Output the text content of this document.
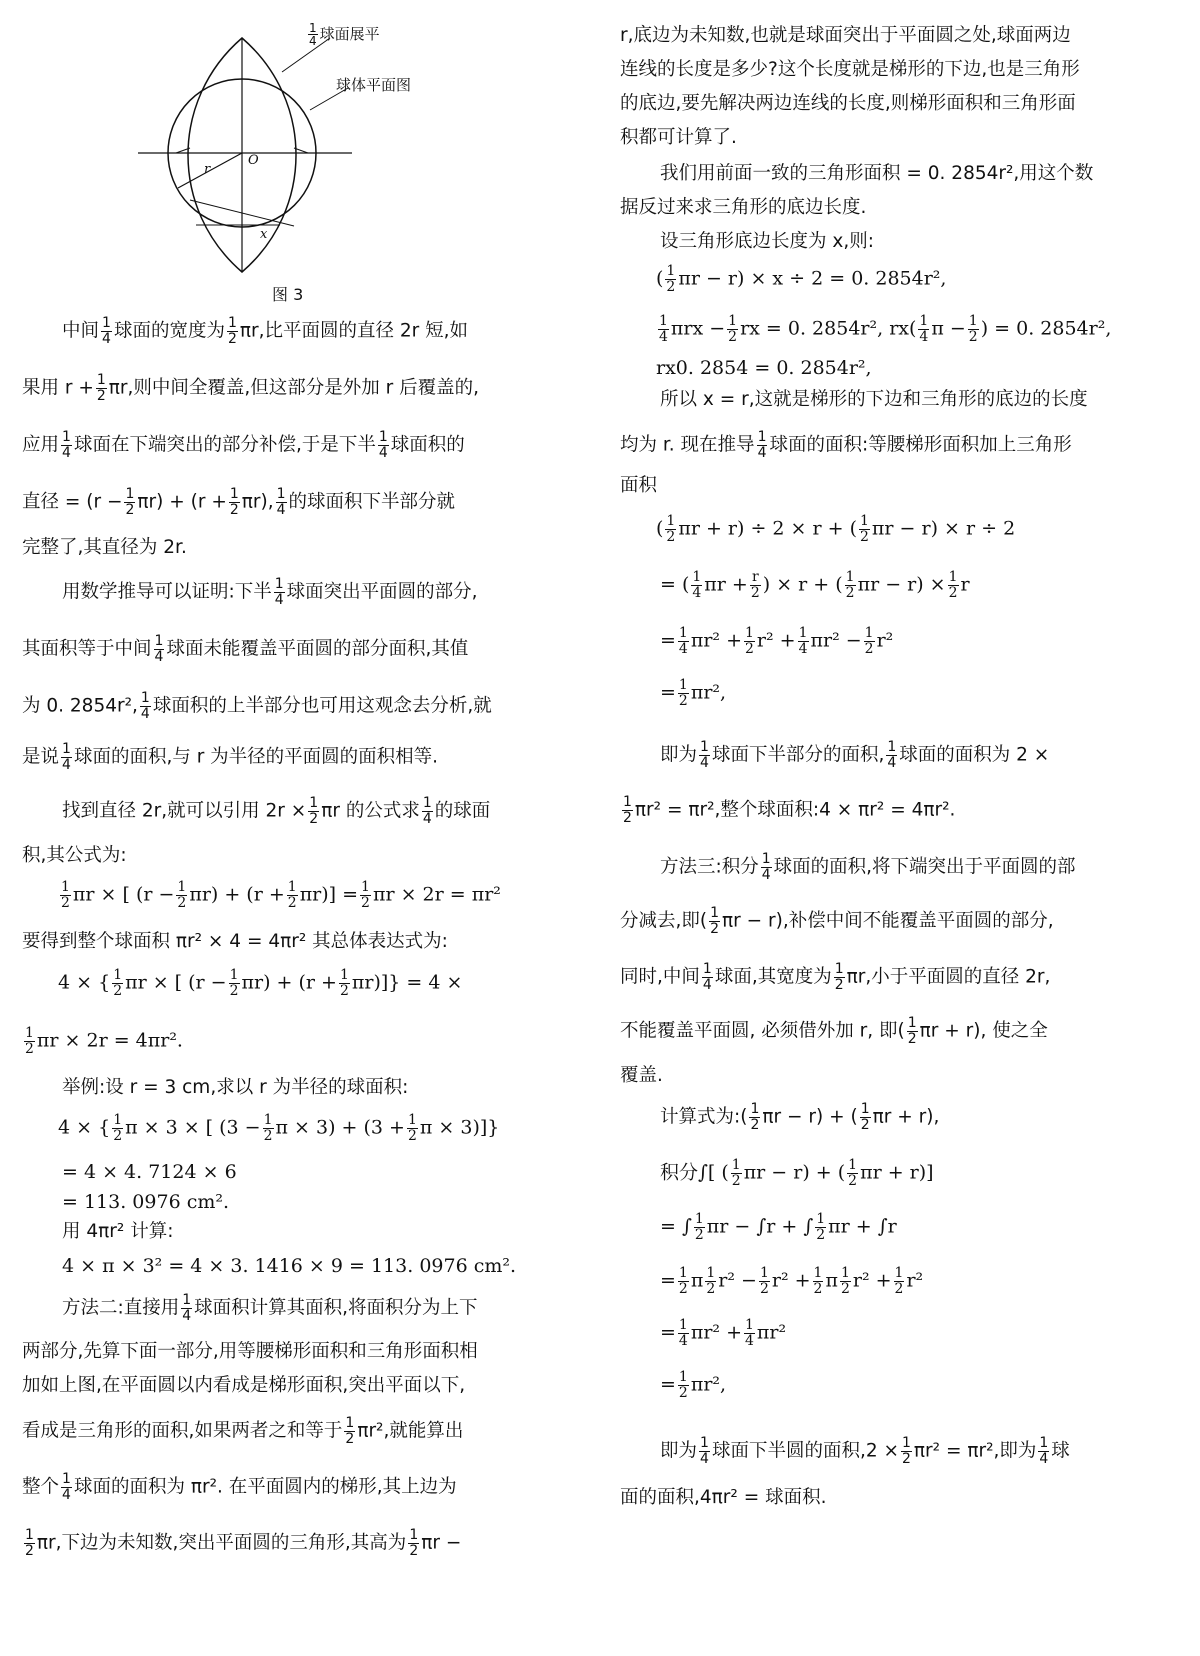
$\frac{1}{4}$ 球面展平
球体平面图
O
r
x
图 3
中间 $\frac{1}{4}$ 球面的宽度为 $\frac{1}{2} \pi r$,比平面圆的直径 2r 短,如
果用 $r + \frac{1}{2} \pi r$,则中间全覆盖,但这部分是外加 r 后覆盖的,
应用 $\frac{1}{4}$ 球面在下端突出的部分补偿,于是下半 $\frac{1}{4}$ 球面积的
直径 = $(r - \frac{1}{2} \pi r) + (r + \frac{1}{2} \pi r)$, $\frac{1}{4}$ 的球面积下半部分就
完整了,其直径为 2r.
用数学推导可以证明:下半 $\frac{1}{4}$ 球面突出平面圆的部分,
其面积等于中间 $\frac{1}{4}$ 球面未能覆盖平面圆的部分面积,其值
为 0. 2854r², $\frac{1}{4}$ 球面积的上半部分也可用这观念去分析,就
是说 $\frac{1}{4}$ 球面的面积,与 r 为半径的平面圆的面积相等.
找到直径 2r,就可以引用 $2r \times \frac{1}{2}$ πr 的公式求 $\frac{1}{4}$ 的球面
积,其公式为:
$\frac{1}{2}$ πr × [ $(r - \frac{1}{2} \pi r) + (r + \frac{1}{2} \pi r)] = \frac{1}{2}$ πr × 2r = πr²
要得到整个球面积 πr² × 4 = 4πr² 其总体表达式为:
4 × { $\frac{1}{2}$ πr × [ $(r - \frac{1}{2} \pi r) + (r + \frac{1}{2} \pi r)]\} = 4$ ×
$\frac{1}{2}$ πr × 2r = 4πr².
举例:设 r = 3 cm,求以 r 为半径的球面积:
4 × { $\frac{1}{2}$ π × 3 × [ ($3 - \frac{1}{2}$ $\pi \times 3) + (3 + \frac{1}{2}$ π × 3)]}
= 4 × 4. 7124 × 6
= 113. 0976 cm².
用 4πr² 计算:
4 × π × 3² = 4 × 3. 1416 × 9 = 113. 0976 cm².
方法二:直接用 $\frac{1}{4}$ 球面积计算其面积,将面积分为上下
两部分,先算下面一部分,用等腰梯形面积和三角形面积相
加如上图,在平面圆以内看成是梯形面积,突出平面以下,
看成是三角形的面积,如果两者之和等于 $\frac{1}{2} \pi r^2$,就能算出
整个 $\frac{1}{4}$ 球面的面积为 πr². 在平面圆内的梯形,其上边为
$\frac{1}{2} \pi r$,下边为未知数,突出平面圆的三角形,其高为 $\frac{1}{2}$ πr −
r,底边为未知数,也就是球面突出于平面圆之处,球面两边
连线的长度是多少?这个长度就是梯形的下边,也是三角形
的底边,要先解决两边连线的长度,则梯形面积和三角形面
积都可计算了.
我们用前面一致的三角形面积 = 0. 2854r²,用这个数
据反过来求三角形的底边长度.
设三角形底边长度为 x,则:
( $\frac{1}{2}$ πr − r) × x ÷ 2 = 0. 2854r²,
$\frac{1}{4}$ $\pi rx - \frac{1}{2}$ rx = 0. 2854r², $rx( \frac{1}{4}$ $\pi - \frac{1}{2}$ ) = 0. 2854r²,
rx0. 2854 = 0. 2854r²,
所以 x = r,这就是梯形的下边和三角形的底边的长度
均为 r. 现在推导 $\frac{1}{4}$ 球面的面积:等腰梯形面积加上三角形
面积
( $\frac{1}{2}$ πr + r) ÷ 2 × r + ( $\frac{1}{2}$ πr − r) × r ÷ 2
= ( $\frac{1}{4}$ $\pi r + \frac{r}{2}$ ) × r + ( $\frac{1}{2}$ $\pi r - r) \times \frac{1}{2}$ r
= $\frac{1}{4} \pi r^2 + \frac{1}{2} r^2 + \frac{1}{4} \pi r^2 - \frac{1}{2} r^2$
= $\frac{1}{2} \pi r^2$,
即为 $\frac{1}{4}$ 球面下半部分的面积, $\frac{1}{4}$ 球面的面积为 2 ×
$\frac{1}{2} \pi r^2 = \pi r^2$,整个球面积:4 × πr² = 4πr².
方法三:积分 $\frac{1}{4}$ 球面的面积,将下端突出于平面圆的部
分减去,即( $\frac{1}{2}$ πr − r),补偿中间不能覆盖平面圆的部分,
同时,中间 $\frac{1}{4}$ 球面,其宽度为 $\frac{1}{2} \pi r$,小于平面圆的直径 2r,
不能覆盖平面圆, 必须借外加 r, 即( $\frac{1}{2}$ πr + r), 使之全
覆盖.
计算式为:( $\frac{1}{2}$ πr − r) + ( $\frac{1}{2}$ πr + r),
积分∫[ ( $\frac{1}{2}$ πr − r) + ( $\frac{1}{2}$ πr + r)]
= ∫ $\frac{1}{2}$ πr − ∫r + ∫ $\frac{1}{2}$ πr + ∫r
= $\frac{1}{2}$ π $\frac{1}{2} r^2 - \frac{1}{2} r^2 + \frac{1}{2}$ π $\frac{1}{2} r^2 + \frac{1}{2} r^2$
= $\frac{1}{4} \pi r^2 + \frac{1}{4} \pi r^2$
= $\frac{1}{2} \pi r^2$,
即为 $\frac{1}{4}$ 球面下半圆的面积$,2 \times \frac{1}{2} \pi r^2 = \pi r^2$,即为 $\frac{1}{4}$ 球
面的面积,4πr² = 球面积.
